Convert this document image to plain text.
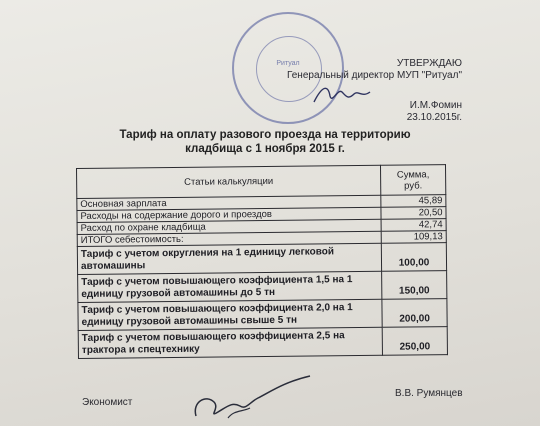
Ритуал	УТВЕРЖДАЮ
Генеральный директор МУП "Ритуал"
И.М.Фомин
23.10.2015г.
Тариф на оплату разового проезда на территорию
кладбища с 1 ноября 2015 г.
Статьи калькуляции	Сумма,
руб.

Основная зарплата	45,89
Расходы на содержание дорого и проездов	20,50
Расход по охране кладбища	42,74
ИТОГО себестоимость:	109,13

Тариф с учетом округления на 1 единицу легковой
автомашины	100,00

Тариф с учетом повышающего коэффициента 1,5 на 1
единицу грузовой автомашины до 5 тн	150,00

Тариф с учетом повышающего коэффициента 2,0 на 1
единицу грузовой автомашины свыше 5 тн	200,00

Тариф с учетом повышающего коэффициента 2,5 на
трактора и спецтехнику	250,00
Экономист
В.В. Румянцев
